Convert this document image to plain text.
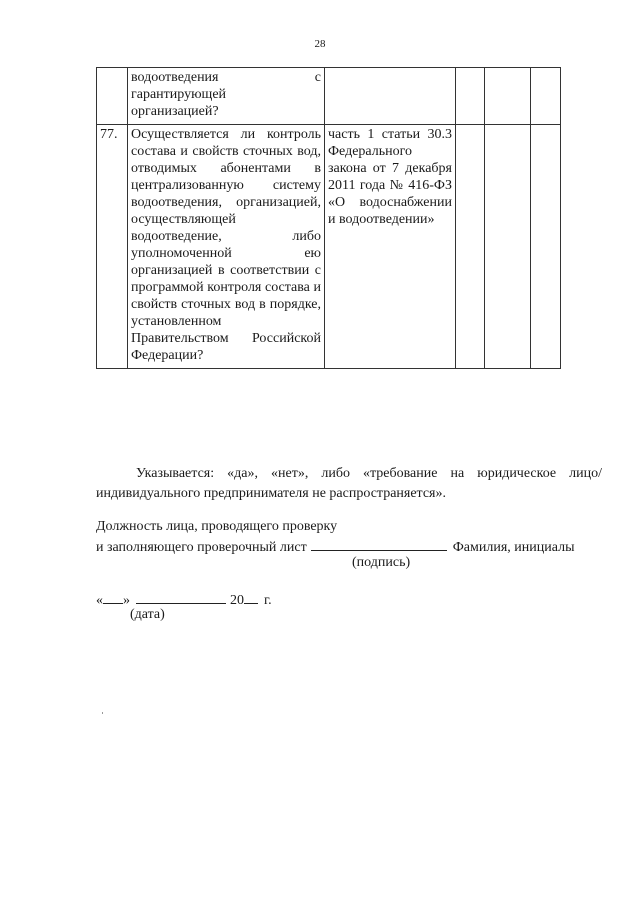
28

	водоотведения с
гарантирующей организацией?				

77.	Осуществляется ли контроль состава и свойств сточных вод, отводимых абонентами в централизованную систему водоотведения, организацией, осуществляющей водоотведение, либо уполномоченной ею организацией в соответствии с программой контроля состава и свойств сточных вод в порядке, установленном Правительством Российской Федерации?	часть 1 статьи 30.3 Федерального закона от 7 декабря 2011 года № 416-ФЗ «О водоснабжении и водоотведении»			
Указывается: «да», «нет», либо «требование на юридическое лицо/индивидуального предпринимателя не распространяется».
Должность лица, проводящего проверку
и заполняющего проверочный лист	Фамилия, инициалы
(подпись)
« »	20 г.
(дата)
